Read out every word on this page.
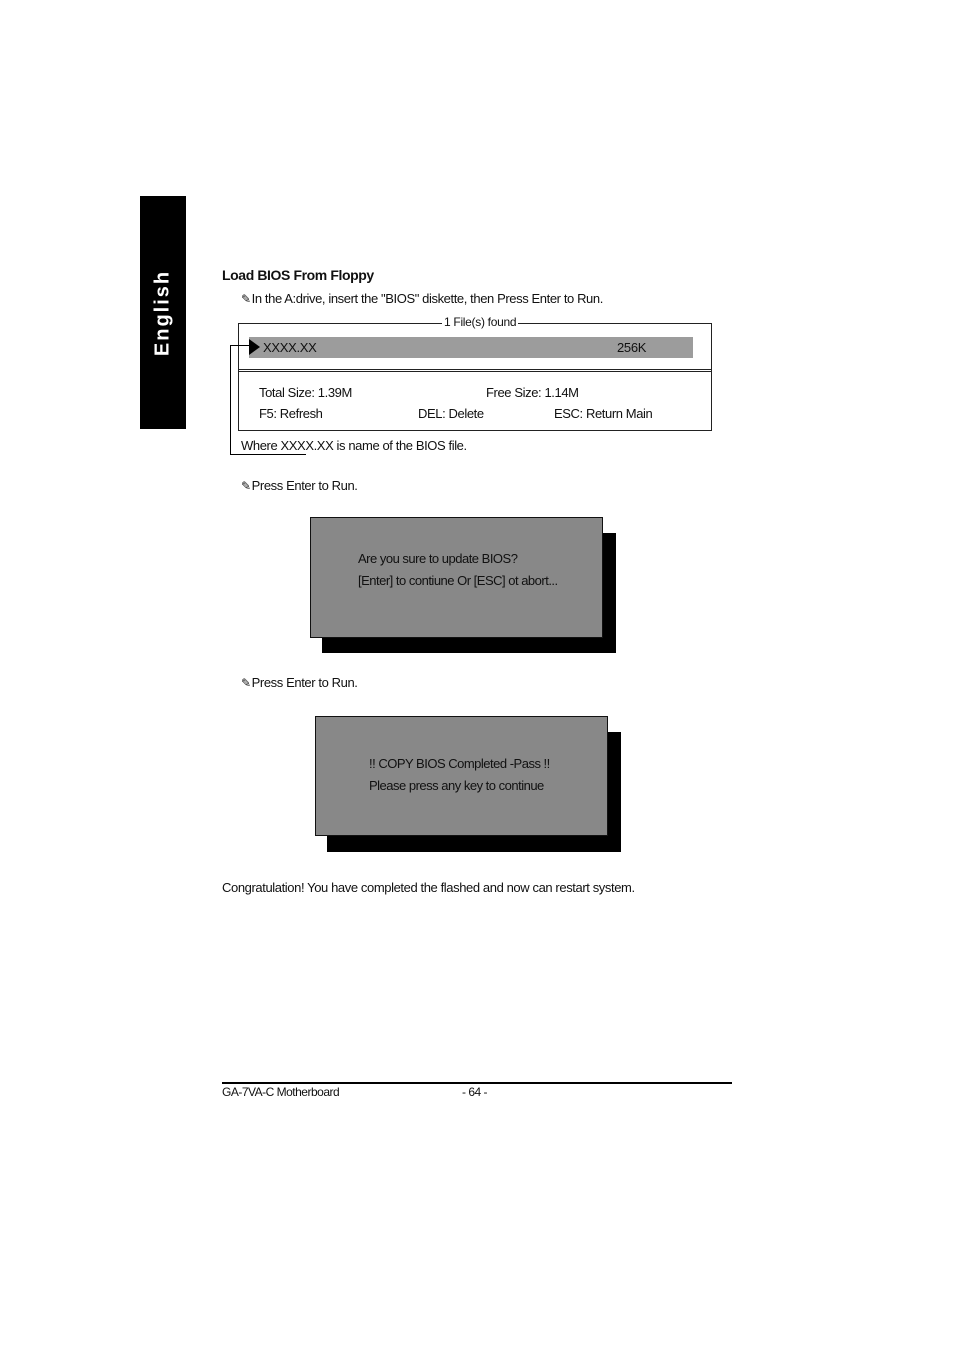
English	Load BIOS From Floppy
✎In the A:drive, insert the "BIOS" diskette, then Press Enter to Run.
1 File(s) found
XXXX.XX	256K
Total Size: 1.39M	Free Size: 1.14M
F5: Refresh	DEL: Delete	ESC: Return Main
Where XXXX.XX is name of the BIOS file.
✎Press Enter to Run.
Are you sure to update BIOS?
[Enter] to contiune Or [ESC] ot abort...
✎Press Enter to Run.
!! COPY BIOS Completed -Pass !!
Please press any key to continue
Congratulation! You have completed the flashed and now can restart system.
GA-7VA-C Motherboard	- 64 -
